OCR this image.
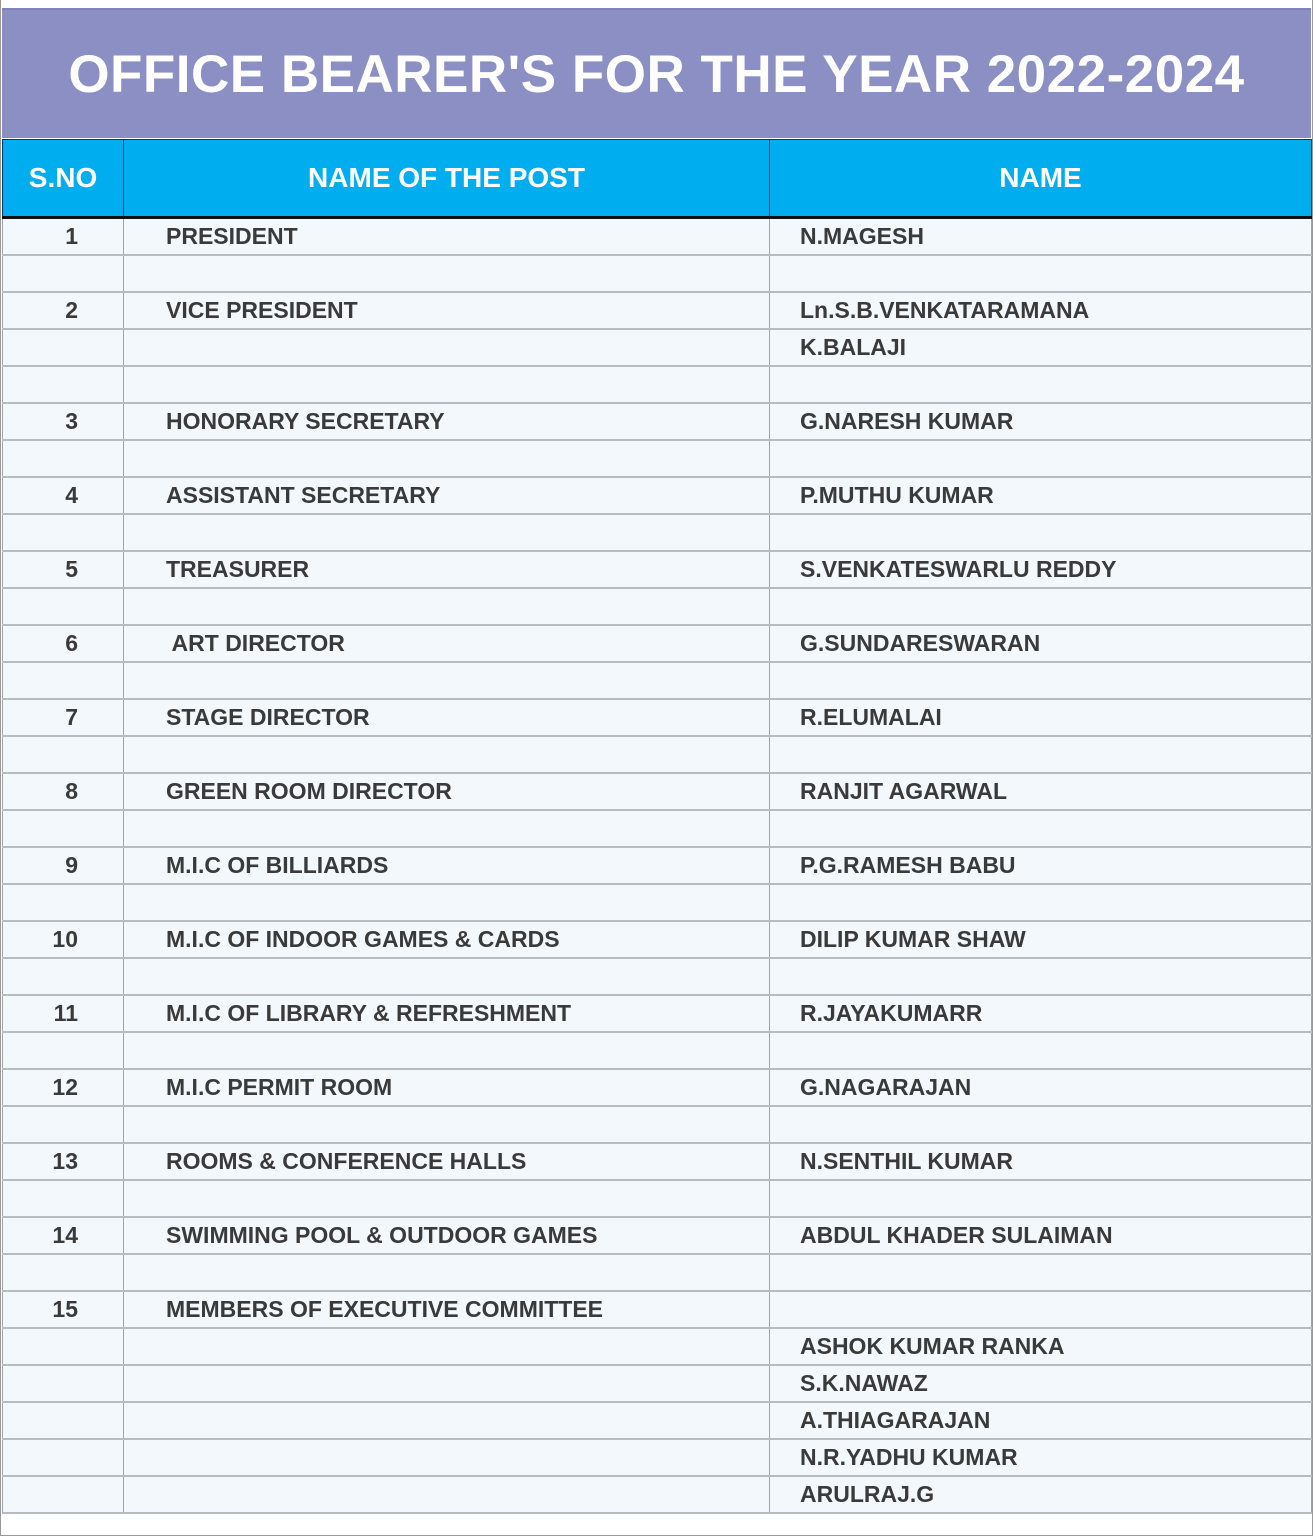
OFFICE BEARER'S FOR THE YEAR 2022-2024
S.NO	NAME OF THE POST	NAME
1	PRESIDENT	N.MAGESH

2	VICE PRESIDENT	Ln.S.B.VENKATARAMANA
		K.BALAJI

3	HONORARY SECRETARY	G.NARESH KUMAR

4	ASSISTANT SECRETARY	P.MUTHU KUMAR

5	TREASURER	S.VENKATESWARLU REDDY

6	ART DIRECTOR	G.SUNDARESWARAN

7	STAGE DIRECTOR	R.ELUMALAI

8	GREEN ROOM DIRECTOR	RANJIT AGARWAL

9	M.I.C OF BILLIARDS	P.G.RAMESH BABU

10	M.I.C OF INDOOR GAMES & CARDS	DILIP KUMAR SHAW

11	M.I.C OF LIBRARY & REFRESHMENT	R.JAYAKUMARR

12	M.I.C PERMIT ROOM	G.NAGARAJAN

13	ROOMS & CONFERENCE HALLS	N.SENTHIL KUMAR

14	SWIMMING POOL & OUTDOOR GAMES	ABDUL KHADER SULAIMAN

15	MEMBERS OF EXECUTIVE COMMITTEE	
		ASHOK KUMAR RANKA
		S.K.NAWAZ
		A.THIAGARAJAN
		N.R.YADHU KUMAR
		ARULRAJ.G
